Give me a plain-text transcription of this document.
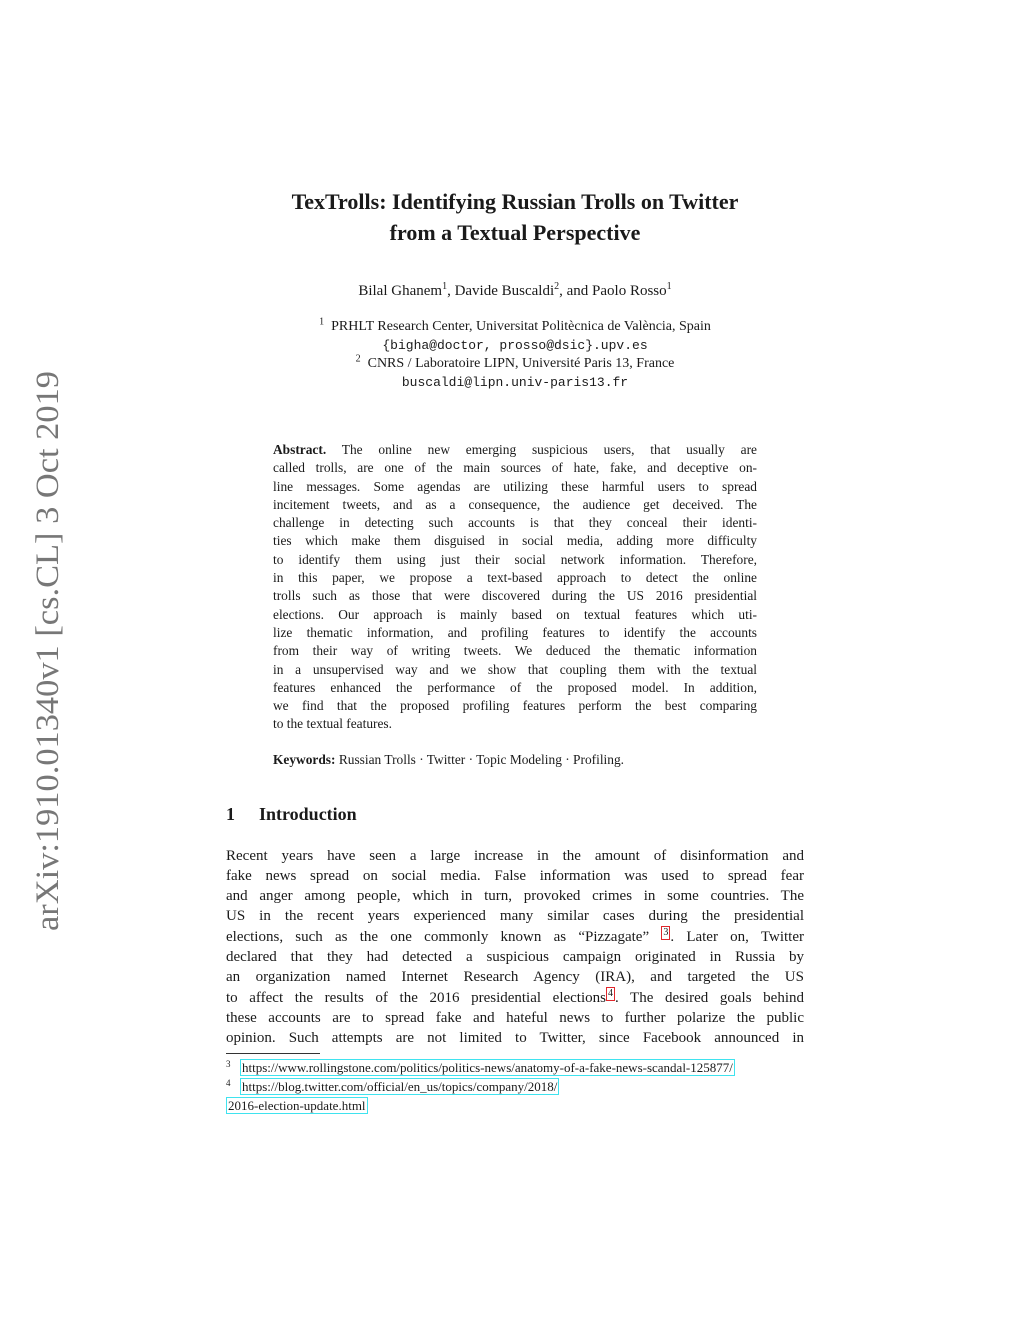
arXiv:1910.01340v1 [cs.CL] 3 Oct 2019
TexTrolls: Identifying Russian Trolls on Twitter
from a Textual Perspective
Bilal Ghanem$^1$, Davide Buscaldi$^2$, and Paolo Rosso$^1$
$^1$ PRHLT Research Center, Universitat Politècnica de València, Spain
{bigha@doctor, prosso@dsic}.upv.es
$^2$ CNRS / Laboratoire LIPN, Université Paris 13, France
buscaldi@lipn.univ-paris13.fr
Abstract. The online new emerging suspicious users, that usually are
called trolls, are one of the main sources of hate, fake, and deceptive on-
line messages. Some agendas are utilizing these harmful users to spread
incitement tweets, and as a consequence, the audience get deceived. The
challenge in detecting such accounts is that they conceal their identi-
ties which make them disguised in social media, adding more difficulty
to identify them using just their social network information. Therefore,
in this paper, we propose a text-based approach to detect the online
trolls such as those that were discovered during the US 2016 presidential
elections. Our approach is mainly based on textual features which uti-
lize thematic information, and profiling features to identify the accounts
from their way of writing tweets. We deduced the thematic information
in a unsupervised way and we show that coupling them with the textual
features enhanced the performance of the proposed model. In addition,
we find that the proposed profiling features perform the best comparing
to the textual features.
Keywords: Russian Trolls · Twitter · Topic Modeling · Profiling.
1 Introduction
Recent years have seen a large increase in the amount of disinformation and
fake news spread on social media. False information was used to spread fear
and anger among people, which in turn, provoked crimes in some countries. The
US in the recent years experienced many similar cases during the presidential
elections, such as the one commonly known as “Pizzagate” 3 . Later on, Twitter
declared that they had detected a suspicious campaign originated in Russia by
an organization named Internet Research Agency (IRA), and targeted the US
to affect the results of the 2016 presidential elections 4 . The desired goals behind
these accounts are to spread fake and hateful news to further polarize the public
opinion. Such attempts are not limited to Twitter, since Facebook announced in
3 https://www.rollingstone.com/politics/politics-news/anatomy-of-a-fake-news-scandal-125877/
4 https://blog.twitter.com/official/en_us/topics/company/2018/
2016-election-update.html
